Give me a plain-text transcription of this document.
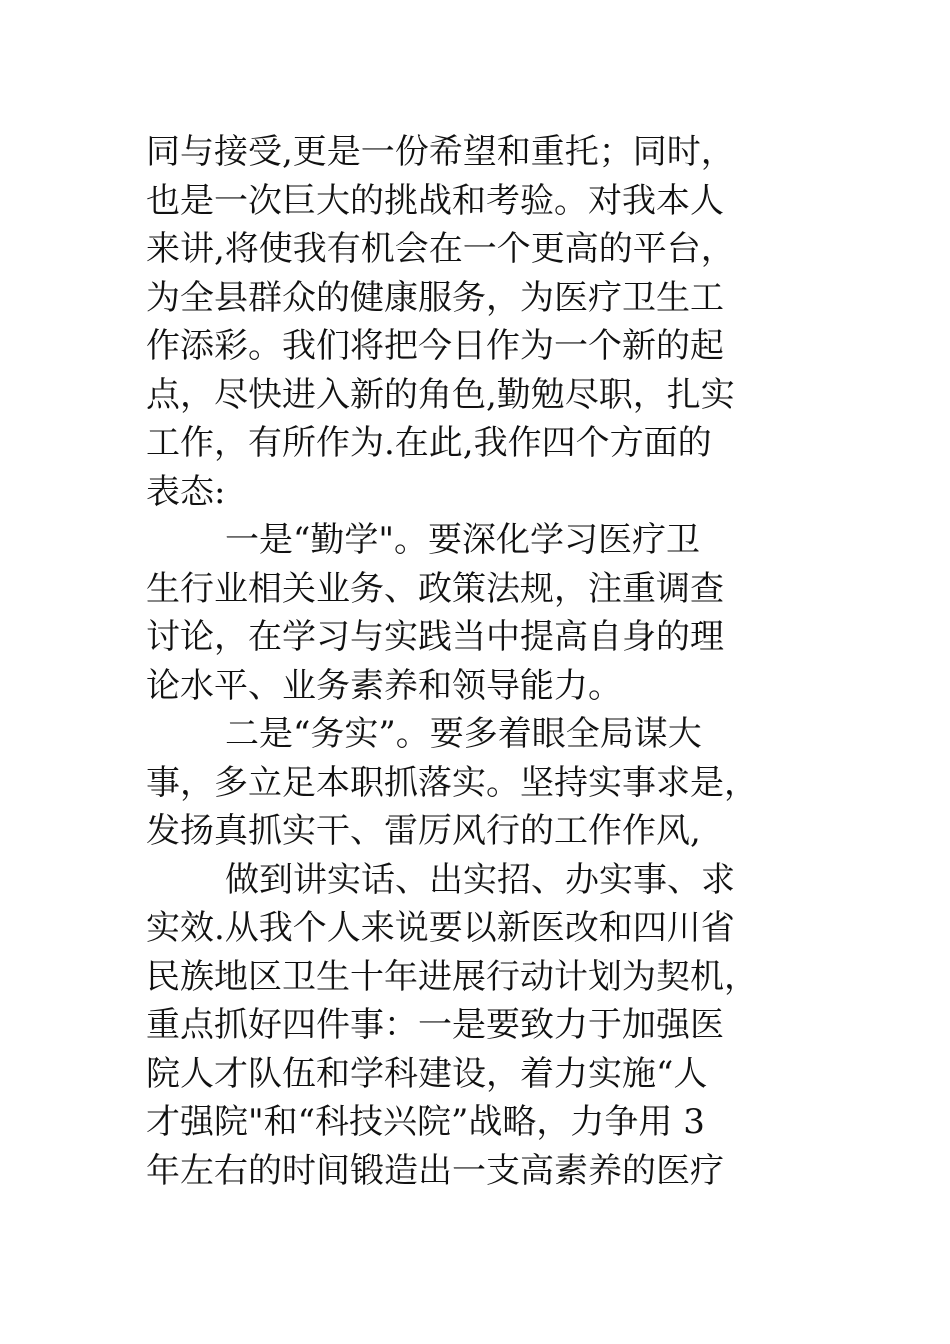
同与接受,更是一份希望和重托；同时，
也是一次巨大的挑战和考验。对我本人
来讲,将使我有机会在一个更高的平台，
为全县群众的健康服务，为医疗卫生工
作添彩。我们将把今日作为一个新的起
点，尽快进入新的角色,勤勉尽职，扎实
工作，有所作为.在此,我作四个方面的
表态:
一是“勤学"。要深化学习医疗卫
生行业相关业务、政策法规，注重调查
讨论，在学习与实践当中提高自身的理
论水平、业务素养和领导能力。
二是“务实”。要多着眼全局谋大
事，多立足本职抓落实。坚持实事求是，
发扬真抓实干、雷厉风行的工作作风,
做到讲实话、出实招、办实事、求
实效.从我个人来说要以新医改和四川省
民族地区卫生十年进展行动计划为契机，
重点抓好四件事：一是要致力于加强医
院人才队伍和学科建设，着力实施“人
才强院"和“科技兴院”战略，力争用 3
年左右的时间锻造出一支高素养的医疗
